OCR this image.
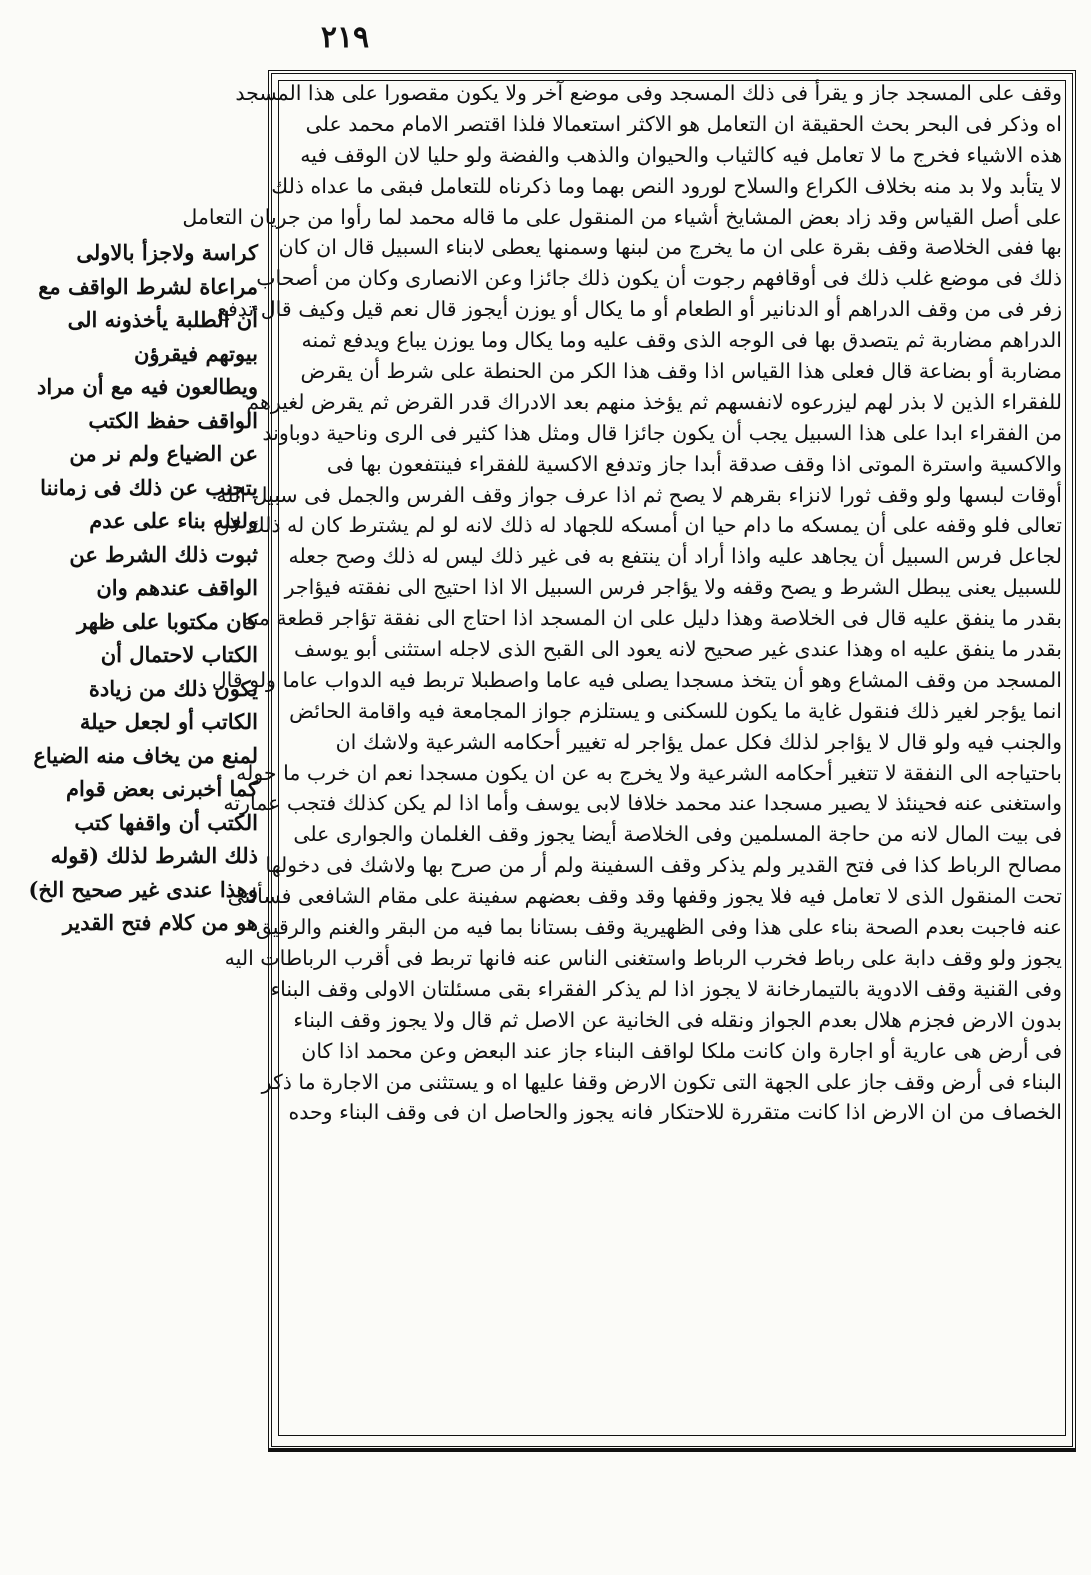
٢١٩
وقف على المسجد جاز و يقرأ فى ذلك المسجد وفى موضع آخر ولا يكون مقصورا على هذا المسجد
اه وذكر فى البحر بحث الحقيقة ان التعامل هو الاكثر استعمالا فلذا اقتصر الامام محمد على
هذه الاشياء فخرج ما لا تعامل فيه كالثياب والحيوان والذهب والفضة ولو حليا لان الوقف فيه
لا يتأبد ولا بد منه بخلاف الكراع والسلاح لورود النص بهما وما ذكرناه للتعامل فبقى ما عداه ذلك
على أصل القياس وقد زاد بعض المشايخ أشياء من المنقول على ما قاله محمد لما رأوا من جريان التعامل
بها ففى الخلاصة وقف بقرة على ان ما يخرج من لبنها وسمنها يعطى لابناء السبيل قال ان كان
ذلك فى موضع غلب ذلك فى أوقافهم رجوت أن يكون ذلك جائزا وعن الانصارى وكان من أصحاب
زفر فى من وقف الدراهم أو الدنانير أو الطعام أو ما يكال أو يوزن أيجوز قال نعم قيل وكيف قال تدفع
الدراهم مضاربة ثم يتصدق بها فى الوجه الذى وقف عليه وما يكال وما يوزن يباع ويدفع ثمنه
مضاربة أو بضاعة قال فعلى هذا القياس اذا وقف هذا الكر من الحنطة على شرط أن يقرض
للفقراء الذين لا بذر لهم ليزرعوه لانفسهم ثم يؤخذ منهم بعد الادراك قدر القرض ثم يقرض لغيرهم
من الفقراء ابدا على هذا السبيل يجب أن يكون جائزا قال ومثل هذا كثير فى الرى وناحية دوباوند
والاكسية واسترة الموتى اذا وقف صدقة أبدا جاز وتدفع الاكسية للفقراء فينتفعون بها فى
أوقات لبسها ولو وقف ثورا لانزاء بقرهم لا يصح ثم اذا عرف جواز وقف الفرس والجمل فى سبيل الله
تعالى فلو وقفه على أن يمسكه ما دام حيا ان أمسكه للجهاد له ذلك لانه لو لم يشترط كان له ذلك لان
لجاعل فرس السبيل أن يجاهد عليه واذا أراد أن ينتفع به فى غير ذلك ليس له ذلك وصح جعله
للسبيل يعنى يبطل الشرط و يصح وقفه ولا يؤاجر فرس السبيل الا اذا احتيج الى نفقته فيؤاجر
بقدر ما ينفق عليه قال فى الخلاصة وهذا دليل على ان المسجد اذا احتاج الى نفقة تؤاجر قطعة منه
بقدر ما ينفق عليه اه وهذا عندى غير صحيح لانه يعود الى القبح الذى لاجله استثنى أبو يوسف
المسجد من وقف المشاع وهو أن يتخذ مسجدا يصلى فيه عاما واصطبلا تربط فيه الدواب عاما ولو قال
انما يؤجر لغير ذلك فنقول غاية ما يكون للسكنى و يستلزم جواز المجامعة فيه واقامة الحائض
والجنب فيه ولو قال لا يؤاجر لذلك فكل عمل يؤاجر له تغيير أحكامه الشرعية ولاشك ان
باحتياجه الى النفقة لا تتغير أحكامه الشرعية ولا يخرج به عن ان يكون مسجدا نعم ان خرب ما حوله
واستغنى عنه فحينئذ لا يصير مسجدا عند محمد خلافا لابى يوسف وأما اذا لم يكن كذلك فتجب عمارته
فى بيت المال لانه من حاجة المسلمين وفى الخلاصة أيضا يجوز وقف الغلمان والجوارى على
مصالح الرباط كذا فى فتح القدير ولم يذكر وقف السفينة ولم أر من صرح بها ولاشك فى دخولها
تحت المنقول الذى لا تعامل فيه فلا يجوز وقفها وقد وقف بعضهم سفينة على مقام الشافعى فسألنى
عنه فاجبت بعدم الصحة بناء على هذا وفى الظهيرية وقف بستانا بما فيه من البقر والغنم والرقيق
يجوز ولو وقف دابة على رباط فخرب الرباط واستغنى الناس عنه فانها تربط فى أقرب الرباطات اليه
وفى القنية وقف الادوية بالتيمارخانة لا يجوز اذا لم يذكر الفقراء بقى مسئلتان الاولى وقف البناء
بدون الارض فجزم هلال بعدم الجواز ونقله فى الخانية عن الاصل ثم قال ولا يجوز وقف البناء
فى أرض هى عارية أو اجارة وان كانت ملكا لواقف البناء جاز عند البعض وعن محمد اذا كان
البناء فى أرض وقف جاز على الجهة التى تكون الارض وقفا عليها اه و يستثنى من الاجارة ما ذكر
الخصاف من ان الارض اذا كانت متقررة للاحتكار فانه يجوز والحاصل ان فى وقف البناء وحده
كراسة ولاجزأ بالاولى
مراعاة لشرط الواقف مع
أن الطلبة يأخذونه الى
بيوتهم فيقرؤن
ويطالعون فيه مع أن مراد
الواقف حفظ الكتب
عن الضياع ولم نر من
يتجنب عن ذلك فى زماننا
ولعله بناء على عدم
ثبوت ذلك الشرط عن
الواقف عندهم وان
كان مكتوبا على ظهر
الكتاب لاحتمال أن
يكون ذلك من زيادة
الكاتب أو لجعل حيلة
لمنع من يخاف منه الضياع
كما أخبرنى بعض قوام
الكتب أن واقفها كتب
ذلك الشرط لذلك (قوله
وهذا عندى غير صحيح الخ)
هو من كلام فتح القدير
